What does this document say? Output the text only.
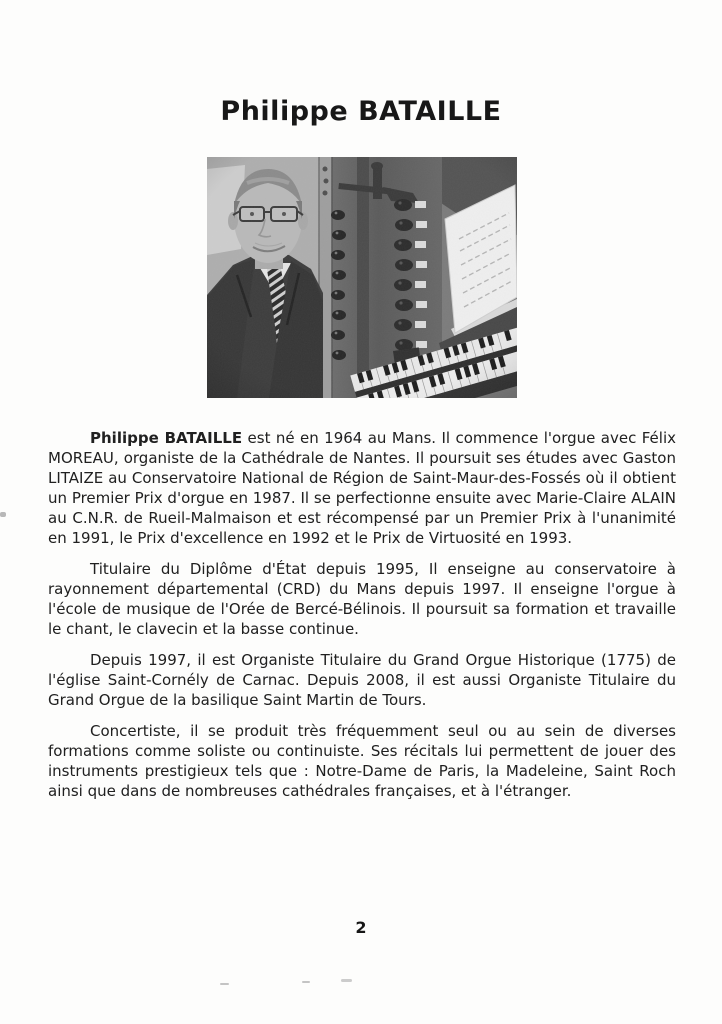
Philippe BATAILLE

Philippe BATAILLE est né en 1964 au Mans. Il commence l'orgue avec Félix MOREAU, organiste de la Cathédrale de Nantes. Il poursuit ses études avec Gaston LITAIZE au Conservatoire National de Région de Saint-Maur-des-Fossés où il obtient un Premier Prix d'orgue en 1987. Il se perfectionne ensuite avec Marie-Claire ALAIN au C.N.R. de Rueil-Malmaison et est récompensé par un Premier Prix à l'unanimité en 1991, le Prix d'excellence en 1992 et le Prix de Virtuosité en 1993.

Titulaire du Diplôme d'État depuis 1995, Il enseigne au conservatoire à rayonnement départemental (CRD) du Mans depuis 1997. Il enseigne l'orgue à l'école de musique de l'Orée de Bercé-Bélinois. Il poursuit sa formation et travaille le chant, le clavecin et la basse continue.

Depuis 1997, il est Organiste Titulaire du Grand Orgue Historique (1775) de l'église Saint-Cornély de Carnac. Depuis 2008, il est aussi Organiste Titulaire du Grand Orgue de la basilique Saint Martin de Tours.

Concertiste, il se produit très fréquemment seul ou au sein de diverses formations comme soliste ou continuiste. Ses récitals lui permettent de jouer des instruments prestigieux tels que : Notre-Dame de Paris, la Madeleine, Saint Roch ainsi que dans de nombreuses cathédrales françaises, et à l'étranger.

2
